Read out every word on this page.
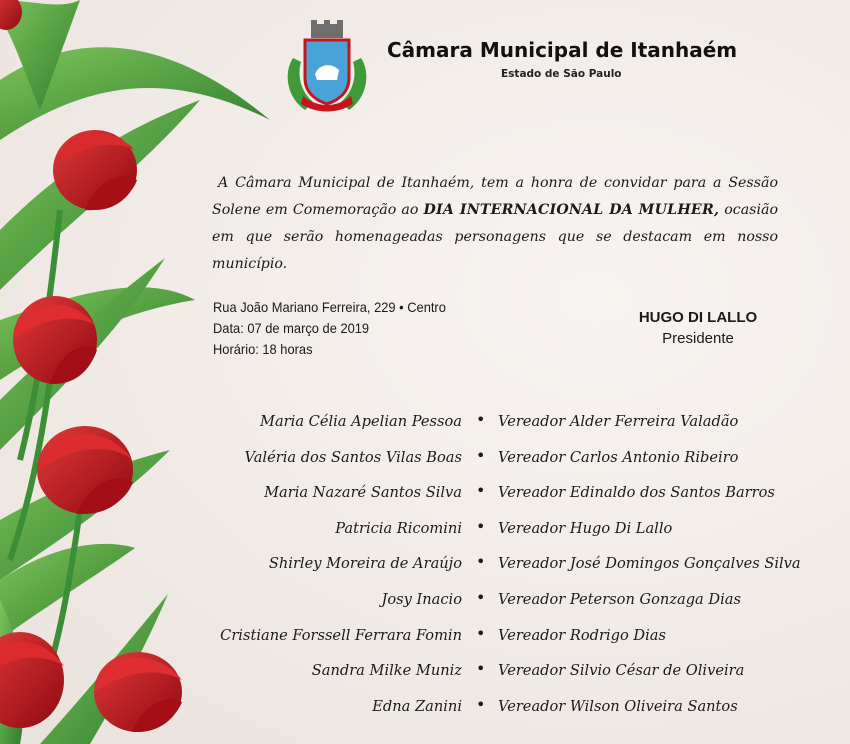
Câmara Municipal de Itanhaém
Estado de São Paulo

A Câmara Municipal de Itanhaém, tem a honra de convidar para a Sessão Solene em Comemoração ao DIA INTERNACIONAL DA MULHER, ocasião em que serão homenageadas personagens que se destacam em nosso município.

Rua João Mariano Ferreira, 229 • Centro
Data: 07 de março de 2019
Horário: 18 horas
HUGO DI LALLO
Presidente
Maria Célia Apelian Pessoa • Vereador Alder Ferreira Valadão
Valéria dos Santos Vilas Boas • Vereador Carlos Antonio Ribeiro
Maria Nazaré Santos Silva • Vereador Edinaldo dos Santos Barros
Patricia Ricomini • Vereador Hugo Di Lallo
Shirley Moreira de Araújo • Vereador José Domingos Gonçalves Silva
Josy Inacio • Vereador Peterson Gonzaga Dias
Cristiane Forssell Ferrara Fomin • Vereador Rodrigo Dias
Sandra Milke Muniz • Vereador Silvio César de Oliveira
Edna Zanini • Vereador Wilson Oliveira Santos
